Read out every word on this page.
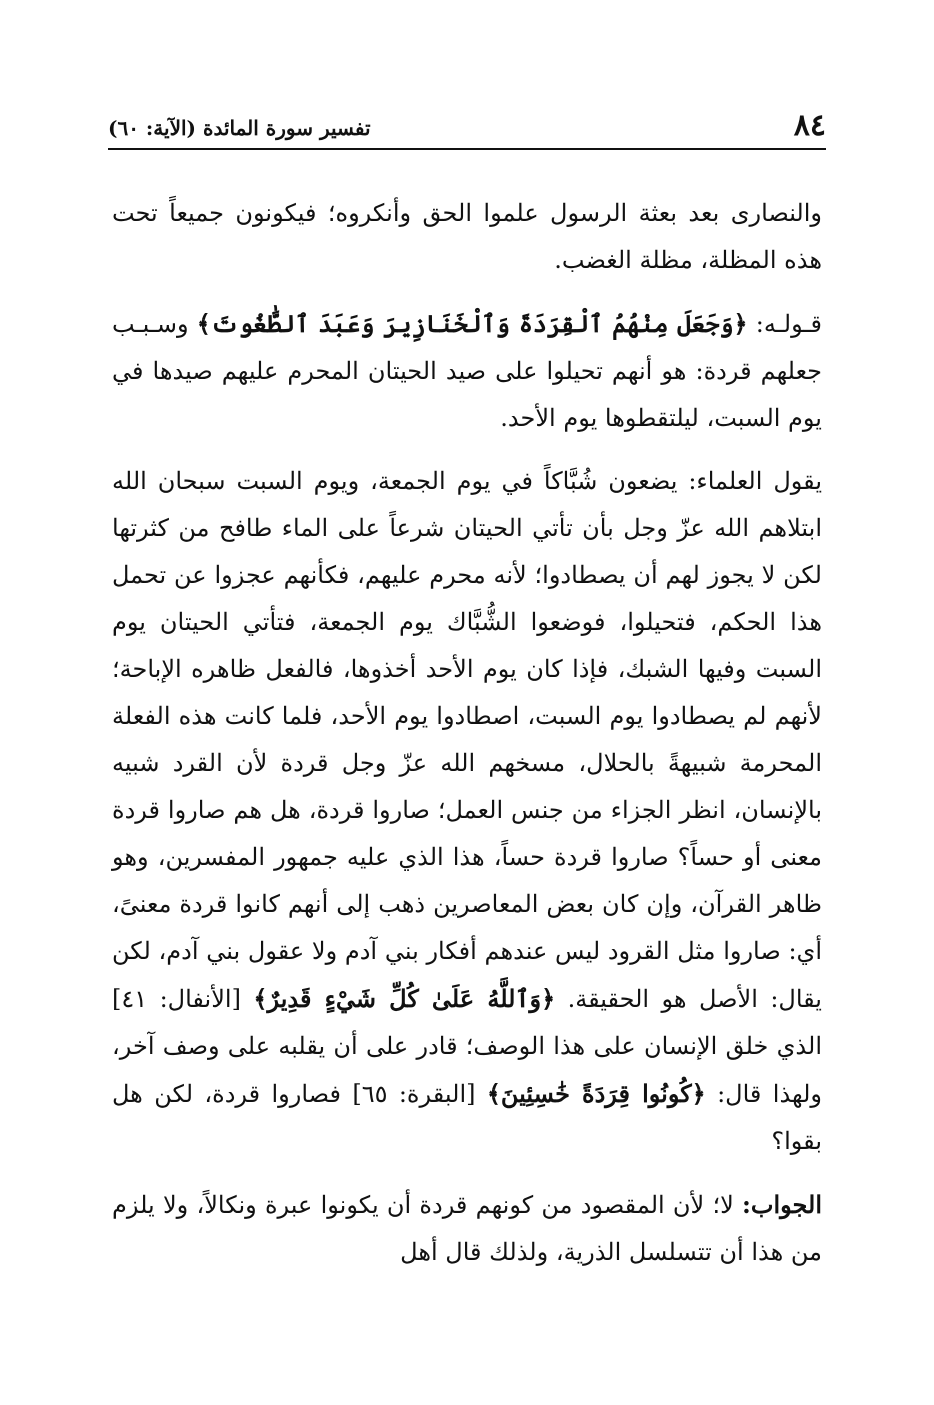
٨٤
تفسير سورة المائدة (الآية: ٦٠)

والنصارى بعد بعثة الرسول علموا الحق وأنكروه؛ فيكونون جميعاً تحت هذه المظلة، مظلة الغضب.

قـولـه: ﴿وَجَعَلَ مِنْهُمُ ٱلْقِرَدَةَ وَٱلْخَنَازِيرَ وَعَبَدَ ٱلطَّٰغُوتَ﴾ وسـبـب جعلهم قردة: هو أنهم تحيلوا على صيد الحيتان المحرم عليهم صيدها في يوم السبت، ليلتقطوها يوم الأحد.

يقول العلماء: يضعون شُبَّاكاً في يوم الجمعة، ويوم السبت سبحان الله ابتلاهم الله عزّ وجل بأن تأتي الحيتان شرعاً على الماء طافح من كثرتها لكن لا يجوز لهم أن يصطادوا؛ لأنه محرم عليهم، فكأنهم عجزوا عن تحمل هذا الحكم، فتحيلوا، فوضعوا الشُّبَّاك يوم الجمعة، فتأتي الحيتان يوم السبت وفيها الشبك، فإذا كان يوم الأحد أخذوها، فالفعل ظاهره الإباحة؛ لأنهم لم يصطادوا يوم السبت، اصطادوا يوم الأحد، فلما كانت هذه الفعلة المحرمة شبيهةً بالحلال، مسخهم الله عزّ وجل قردة لأن القرد شبيه بالإنسان، انظر الجزاء من جنس العمل؛ صاروا قردة، هل هم صاروا قردة معنى أو حساً؟ صاروا قردة حساً، هذا الذي عليه جمهور المفسرين، وهو ظاهر القرآن، وإن كان بعض المعاصرين ذهب إلى أنهم كانوا قردة معنىً، أي: صاروا مثل القرود ليس عندهم أفكار بني آدم ولا عقول بني آدم، لكن يقال: الأصل هو الحقيقة. ﴿وَٱللَّهُ عَلَىٰ كُلِّ شَيْءٍ قَدِيرٌ﴾ [الأنفال: ٤١] الذي خلق الإنسان على هذا الوصف؛ قادر على أن يقلبه على وصف آخر، ولهذا قال: ﴿كُونُوا قِرَدَةً خَٰسِئِينَ﴾ [البقرة: ٦٥] فصاروا قردة، لكن هل بقوا؟

الجواب: لا؛ لأن المقصود من كونهم قردة أن يكونوا عبرة ونكالاً، ولا يلزم من هذا أن تتسلسل الذرية، ولذلك قال أهل
